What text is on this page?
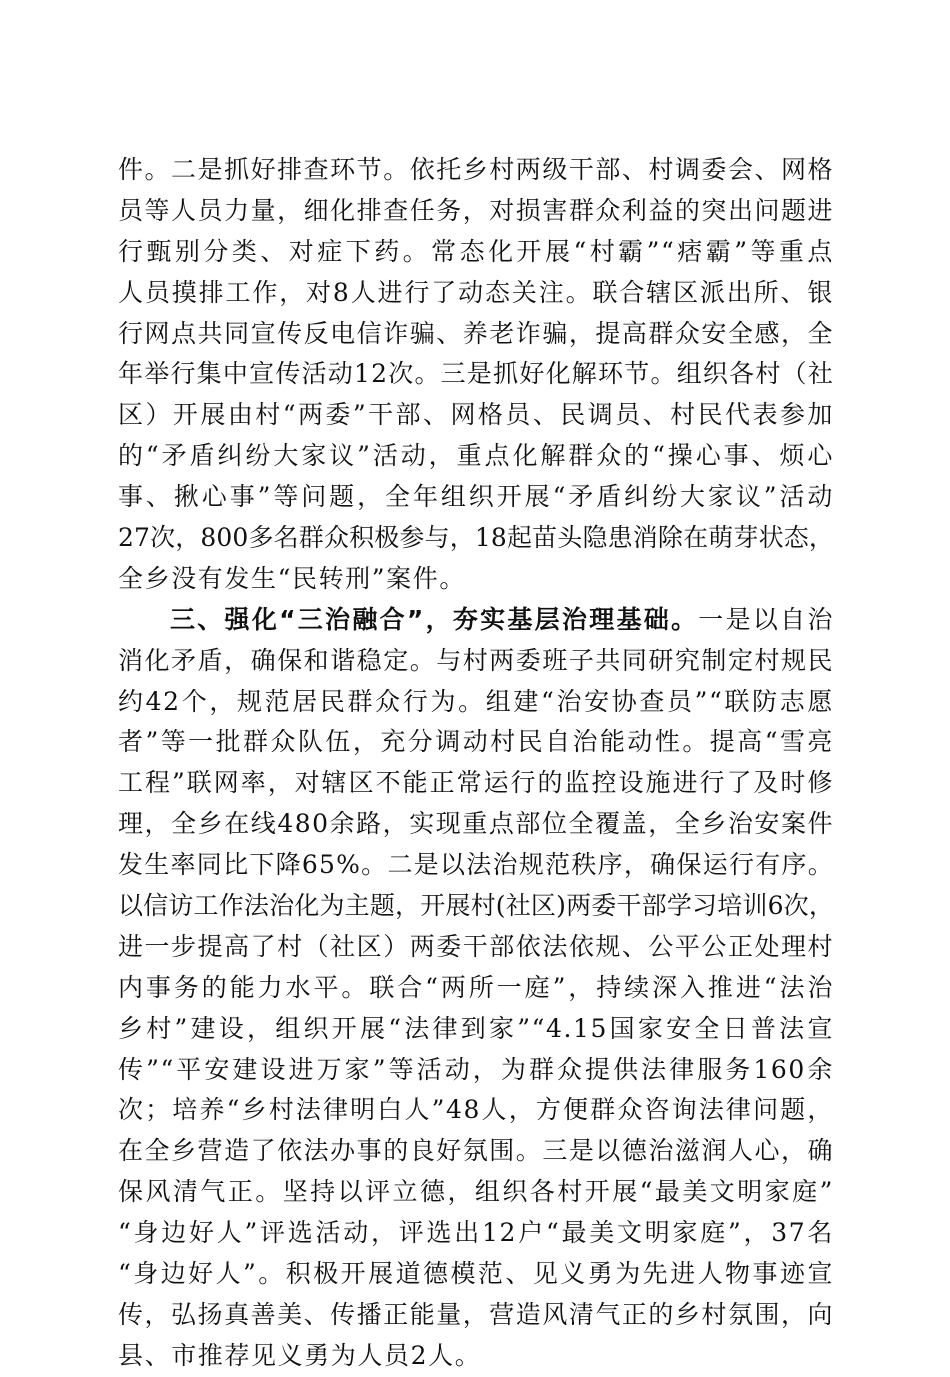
件。二是抓好排查环节。依托乡村两级干部、村调委会、网格
员等人员力量，细化排查任务，对损害群众利益的突出问题进
行甄别分类、对症下药。常态化开展“村霸”“痞霸”等重点
人员摸排工作，对8人进行了动态关注。联合辖区派出所、银
行网点共同宣传反电信诈骗、养老诈骗，提高群众安全感，全
年举行集中宣传活动12次。三是抓好化解环节。组织各村（社
区）开展由村“两委”干部、网格员、民调员、村民代表参加
的“矛盾纠纷大家议”活动，重点化解群众的“操心事、烦心
事、揪心事”等问题，全年组织开展“矛盾纠纷大家议”活动
27次，800多名群众积极参与，18起苗头隐患消除在萌芽状态，
全乡没有发生“民转刑”案件。
三、强化“三治融合”，夯实基层治理基础。一是以自治
消化矛盾，确保和谐稳定。与村两委班子共同研究制定村规民
约42个，规范居民群众行为。组建“治安协查员”“联防志愿
者”等一批群众队伍，充分调动村民自治能动性。提高“雪亮
工程”联网率，对辖区不能正常运行的监控设施进行了及时修
理，全乡在线480余路，实现重点部位全覆盖，全乡治安案件
发生率同比下降65%。二是以法治规范秩序，确保运行有序。
以信访工作法治化为主题，开展村(社区)两委干部学习培训6次，
进一步提高了村（社区）两委干部依法依规、公平公正处理村
内事务的能力水平。联合“两所一庭”，持续深入推进“法治
乡村”建设，组织开展“法律到家”“4.15国家安全日普法宣
传”“平安建设进万家”等活动，为群众提供法律服务160余
次；培养“乡村法律明白人”48人，方便群众咨询法律问题，
在全乡营造了依法办事的良好氛围。三是以德治滋润人心，确
保风清气正。坚持以评立德，组织各村开展“最美文明家庭”
“身边好人”评选活动，评选出12户“最美文明家庭”，37名
“身边好人”。积极开展道德模范、见义勇为先进人物事迹宣
传，弘扬真善美、传播正能量，营造风清气正的乡村氛围，向
县、市推荐见义勇为人员2人。
